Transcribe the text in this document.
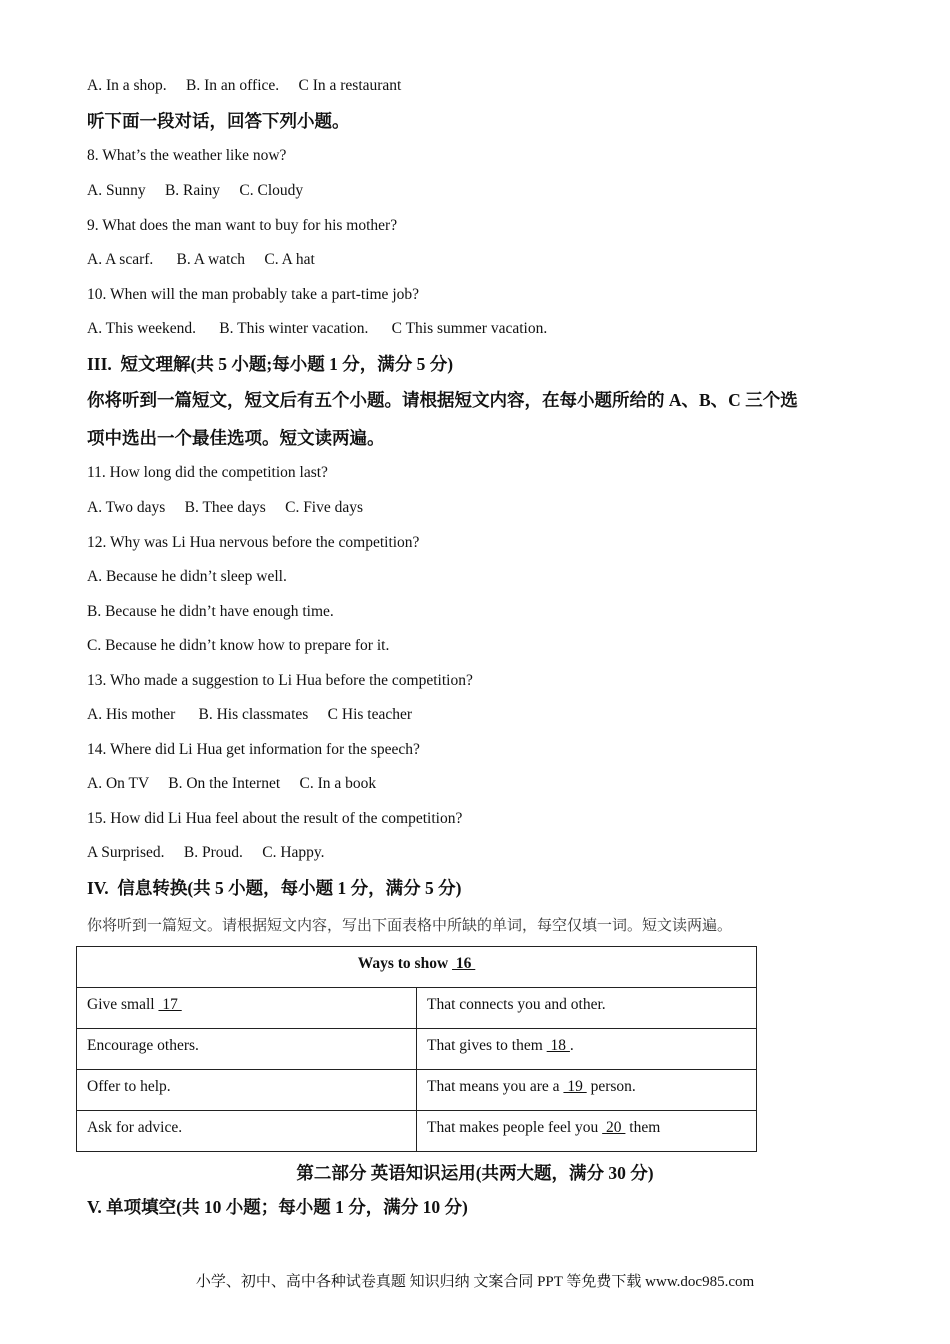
A. In a shop.     B. In an office.     C In a restaurant
听下面一段对话，回答下列小题。
8. What’s the weather like now?
A. Sunny     B. Rainy     C. Cloudy
9. What does the man want to buy for his mother?
A. A scarf.      B. A watch     C. A hat
10. When will the man probably take a part-time job?
A. This weekend.      B. This winter vacation.      C This summer vacation.
III.  短文理解(共 5 小题;每小题 1 分，满分 5 分)
你将听到一篇短文，短文后有五个小题。请根据短文内容，在每小题所给的 A、B、C 三个选
项中选出一个最佳选项。短文读两遍。
11. How long did the competition last?
A. Two days     B. Thee days     C. Five days
12. Why was Li Hua nervous before the competition?
A. Because he didn’t sleep well.
B. Because he didn’t have enough time.
C. Because he didn’t know how to prepare for it.
13. Who made a suggestion to Li Hua before the competition?
A. His mother      B. His classmates     C His teacher
14. Where did Li Hua get information for the speech?
A. On TV     B. On the Internet     C. In a book
15. How did Li Hua feel about the result of the competition?
A Surprised.     B. Proud.     C. Happy.
IV.  信息转换(共 5 小题，每小题 1 分，满分 5 分)
你将听到一篇短文。请根据短文内容，写出下面表格中所缺的单词，每空仅填一词。短文读两遍。
Ways to show  16	
Give small  17	That connects you and other.
Encourage others.	That gives to them  18 .
Offer to help.	That means you are a  19  person.
Ask for advice.	That makes people feel you  20  them
第二部分 英语知识运用(共两大题，满分 30 分)
V. 单项填空(共 10 小题；每小题 1 分，满分 10 分)
小学、初中、高中各种试卷真题 知识归纳 文案合同 PPT 等免费下载 www.doc985.com
